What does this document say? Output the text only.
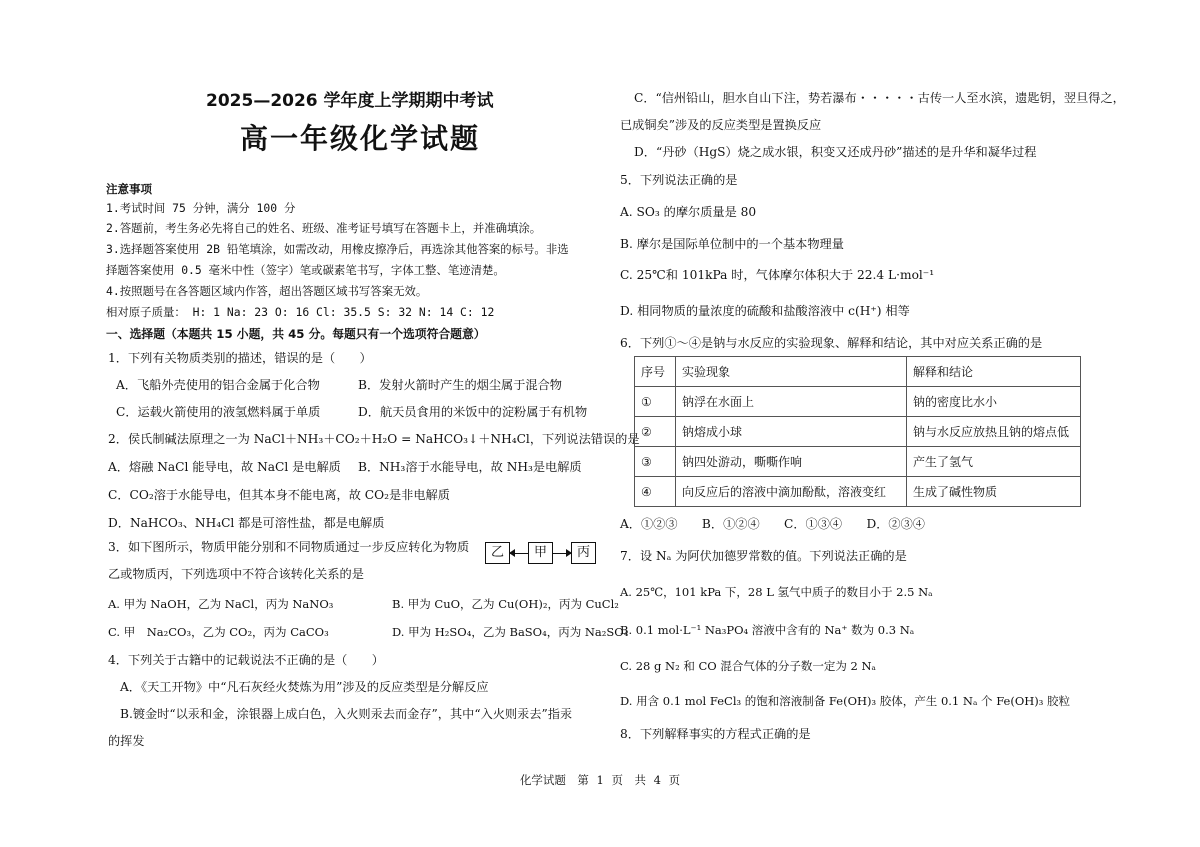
2025—2026 学年度上学期期中考试
高一年级化学试题
注意事项
1.考试时间 75 分钟，满分 100 分
2.答题前，考生务必先将自己的姓名、班级、准考证号填写在答题卡上，并准确填涂。
3.选择题答案使用 2B 铅笔填涂，如需改动，用橡皮擦净后，再选涂其他答案的标号。非选
择题答案使用 0.5 毫米中性（签字）笔或碳素笔书写，字体工整、笔迹清楚。
4.按照题号在各答题区域内作答，超出答题区域书写答案无效。
相对原子质量： H: 1 Na: 23 O: 16 Cl: 35.5 S: 32 N: 14 C: 12
一、选择题（本题共 15 小题，共 45 分。每题只有一个选项符合题意）
1．下列有关物质类别的描述，错误的是（　　）
A．飞船外壳使用的铝合金属于化合物	B．发射火箭时产生的烟尘属于混合物
C．运载火箭使用的液氢燃料属于单质	D．航天员食用的米饭中的淀粉属于有机物
2．侯氏制碱法原理之一为 NaCl＋NH₃＋CO₂＋H₂O = NaHCO₃↓＋NH₄Cl，下列说法错误的是
A．熔融 NaCl 能导电，故 NaCl 是电解质 B．NH₃溶于水能导电，故 NH₃是电解质
C．CO₂溶于水能导电，但其本身不能电离，故 CO₂是非电解质
D．NaHCO₃、NH₄Cl 都是可溶性盐，都是电解质
3．如下图所示，物质甲能分别和不同物质通过一步反应转化为物质
乙或物质丙，下列选项中不符合该转化关系的是
乙	甲	丙
A. 甲为 NaOH，乙为 NaCl，丙为 NaNO₃	B. 甲为 CuO，乙为 Cu(OH)₂，丙为 CuCl₂
C. 甲　Na₂CO₃，乙为 CO₂，丙为 CaCO₃	D. 甲为 H₂SO₄，乙为 BaSO₄，丙为 Na₂SO₄
4．下列关于古籍中的记载说法不正确的是（　　）
A．《天工开物》中“凡石灰经火焚炼为用”涉及的反应类型是分解反应
B.镀金时“以汞和金，涂银器上成白色，入火则汞去而金存”，其中“入火则汞去”指汞
的挥发
C．“信州铅山，胆水自山下注，势若瀑布・・・・・古传一人至水滨，遗匙钥，翌旦得之，
已成铜矣”涉及的反应类型是置换反应
D．“丹砂（HgS）烧之成水银，积变又还成丹砂”描述的是升华和凝华过程
5．下列说法正确的是
A. SO₃ 的摩尔质量是 80
B. 摩尔是国际单位制中的一个基本物理量
C. 25℃和 101kPa 时，气体摩尔体积大于 22.4 L·mol⁻¹
D. 相同物质的量浓度的硫酸和盐酸溶液中 c(H⁺) 相等
6．下列①～④是钠与水反应的实验现象、解释和结论，其中对应关系正确的是
序号	实验现象	解释和结论
①	钠浮在水面上	钠的密度比水小
②	钠熔成小球	钠与水反应放热且钠的熔点低
③	钠四处游动，嘶嘶作响	产生了氢气
④	向反应后的溶液中滴加酚酞，溶液变红	生成了碱性物质
A．①②③　　B．①②④　　C．①③④　　D．②③④
7．设 Nₐ 为阿伏加德罗常数的值。下列说法正确的是
A. 25℃，101 kPa 下，28 L 氢气中质子的数目小于 2.5 Nₐ
B. 0.1 mol·L⁻¹ Na₃PO₄ 溶液中含有的 Na⁺ 数为 0.3 Nₐ
C. 28 g N₂ 和 CO 混合气体的分子数一定为 2 Nₐ
D. 用含 0.1 mol FeCl₃ 的饱和溶液制备 Fe(OH)₃ 胶体，产生 0.1 Nₐ 个 Fe(OH)₃ 胶粒
8．下列解释事实的方程式正确的是
化学试题　第 1 页　共 4 页
